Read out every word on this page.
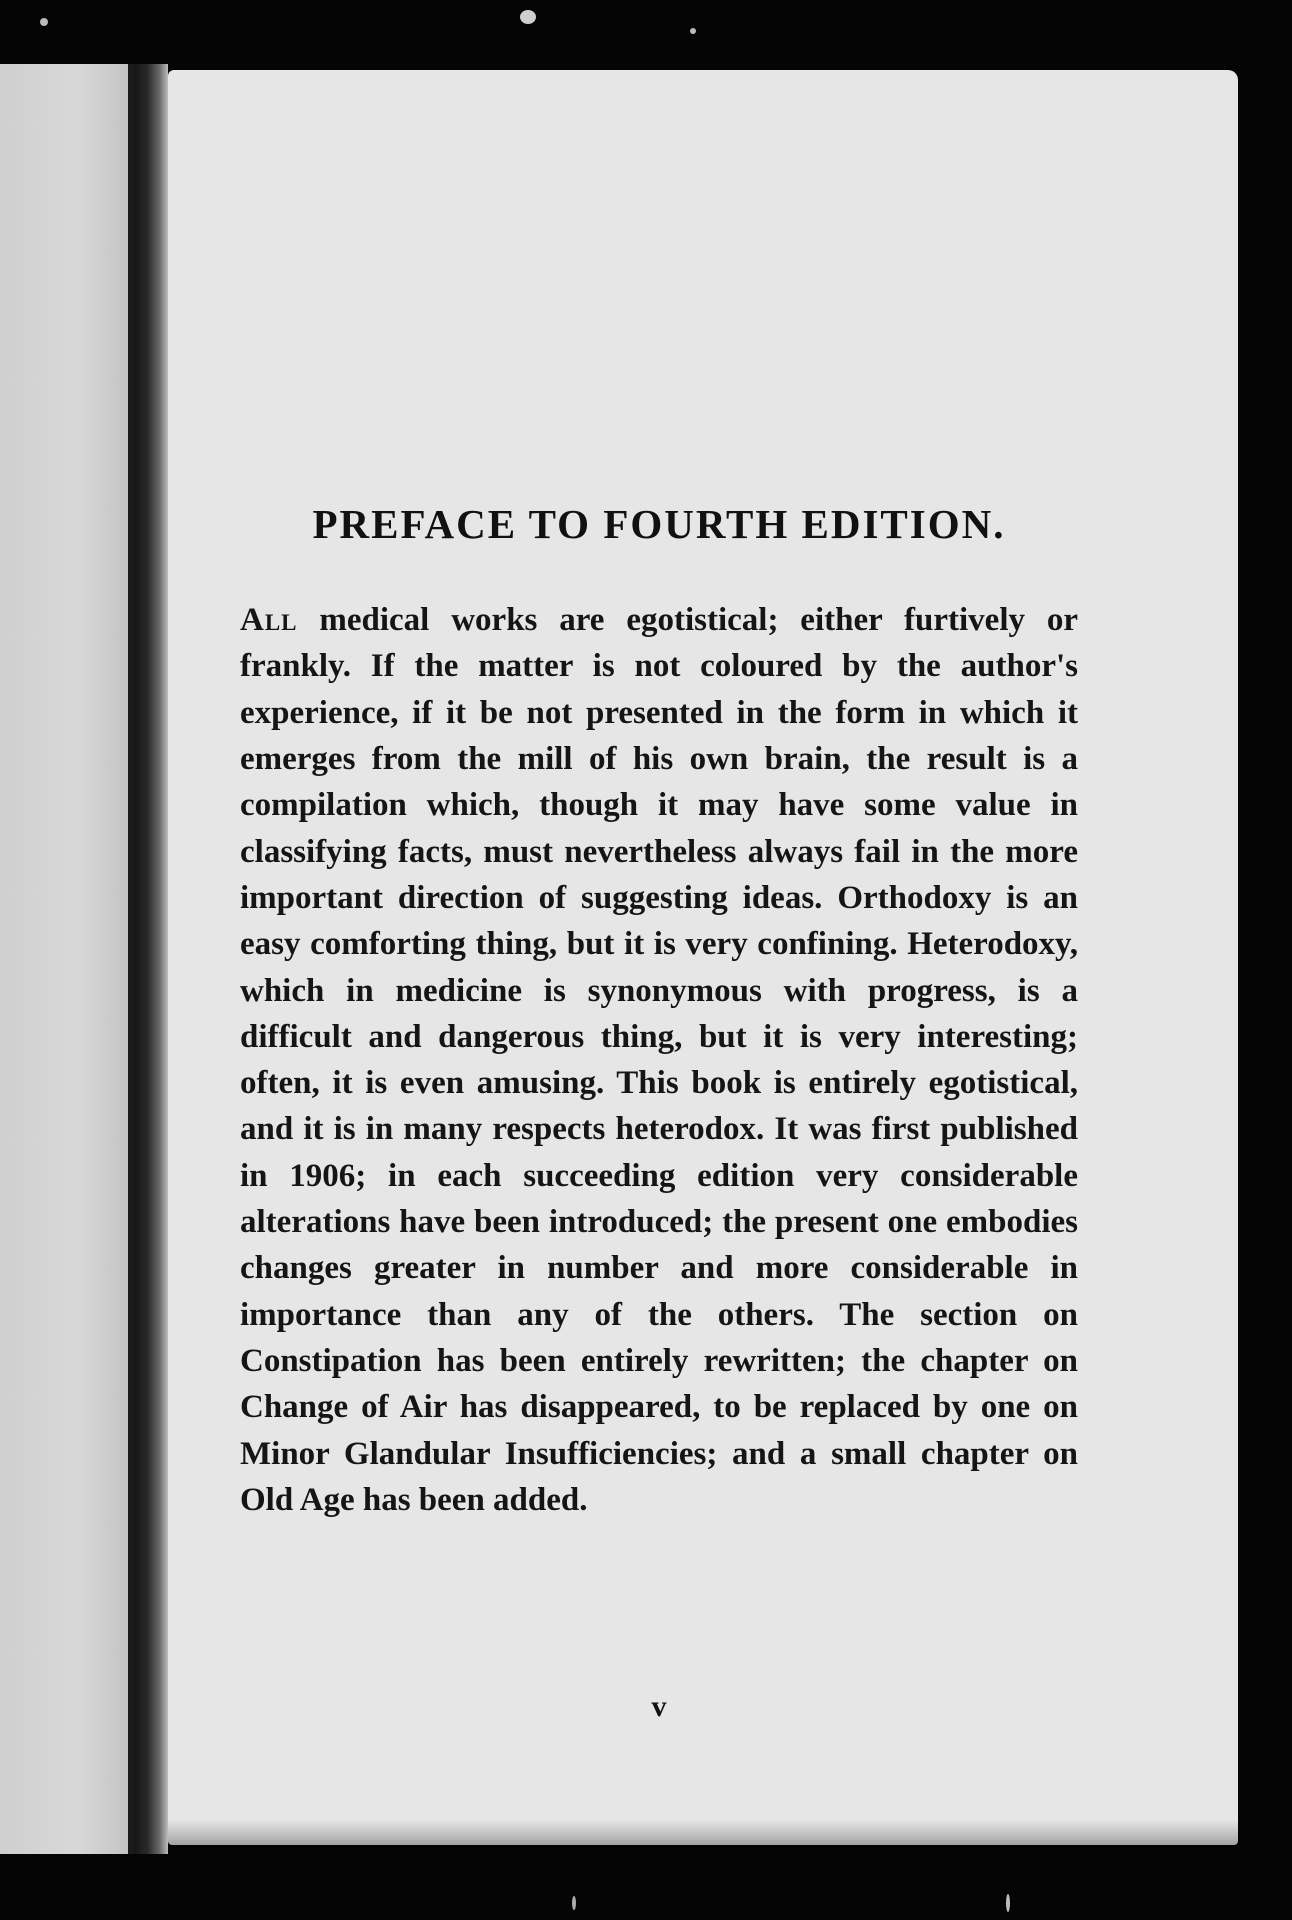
PREFACE TO FOURTH EDITION.

All medical works are egotistical; either furtively or frankly. If the matter is not coloured by the author's experience, if it be not presented in the form in which it emerges from the mill of his own brain, the result is a compilation which, though it may have some value in classifying facts, must nevertheless always fail in the more important direction of suggesting ideas. Orthodoxy is an easy comforting thing, but it is very confining. Heterodoxy, which in medicine is synonymous with progress, is a difficult and dangerous thing, but it is very interesting; often, it is even amusing. This book is entirely egotistical, and it is in many respects heterodox. It was first published in 1906; in each succeeding edition very considerable alterations have been introduced; the present one embodies changes greater in number and more considerable in importance than any of the others. The section on Constipation has been entirely rewritten; the chapter on Change of Air has disappeared, to be replaced by one on Minor Glandular Insufficiencies; and a small chapter on Old Age has been added.

v
